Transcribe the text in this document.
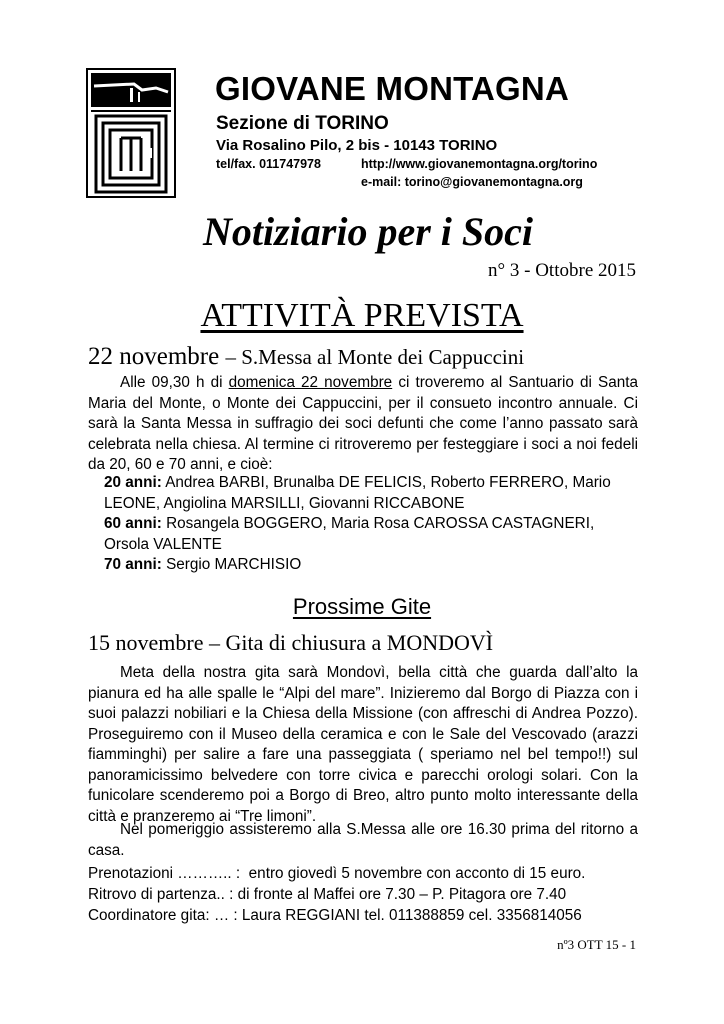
GIOVANE MONTAGNA
Sezione di TORINO
Via Rosalino Pilo, 2 bis - 10143 TORINO
tel/fax. 011747978	http://www.giovanemontagna.org/torino
e-mail: torino@giovanemontagna.org
Notiziario per i Soci
n° 3 - Ottobre 2015
ATTIVITÀ PREVISTA
22 novembre – S.Messa al Monte dei Cappuccini
Alle 09,30 h di domenica 22 novembre ci troveremo al Santuario di Santa Maria del Monte, o Monte dei Cappuccini, per il consueto incontro annuale. Ci sarà la Santa Messa in suffragio dei soci defunti che come l’anno passato sarà celebrata nella chiesa. Al termine ci ritroveremo per festeggiare i soci a noi fedeli da 20, 60 e 70 anni, e cioè:
20 anni: Andrea BARBI, Brunalba DE FELICIS, Roberto FERRERO, Mario LEONE, Angiolina MARSILLI, Giovanni RICCABONE
60 anni: Rosangela BOGGERO, Maria Rosa CAROSSA CASTAGNERI, Orsola VALENTE
70 anni: Sergio MARCHISIO
Prossime Gite
15 novembre – Gita di chiusura a MONDOVÌ
Meta della nostra gita sarà Mondovì, bella città che guarda dall’alto la pianura ed ha alle spalle le “Alpi del mare”. Inizieremo dal Borgo di Piazza con i suoi palazzi nobiliari e la Chiesa della Missione (con affreschi di Andrea Pozzo). Proseguiremo con il Museo della ceramica e con le Sale del Vescovado (arazzi fiamminghi) per salire a fare una passeggiata ( speriamo nel bel tempo!!) sul panoramicissimo belvedere con torre civica e parecchi orologi solari. Con la funicolare scenderemo poi a Borgo di Breo, altro punto molto interessante della città e pranzeremo ai “Tre limoni”.
Nel pomeriggio assisteremo alla S.Messa alle ore 16.30 prima del ritorno a casa.
Prenotazioni ……….. :  entro giovedì 5 novembre con acconto di 15 euro.
Ritrovo di partenza.. : di fronte al Maffei ore 7.30 – P. Pitagora ore 7.40
Coordinatore gita: … : Laura REGGIANI tel. 011388859 cel. 3356814056
nº3 OTT 15 - 1
